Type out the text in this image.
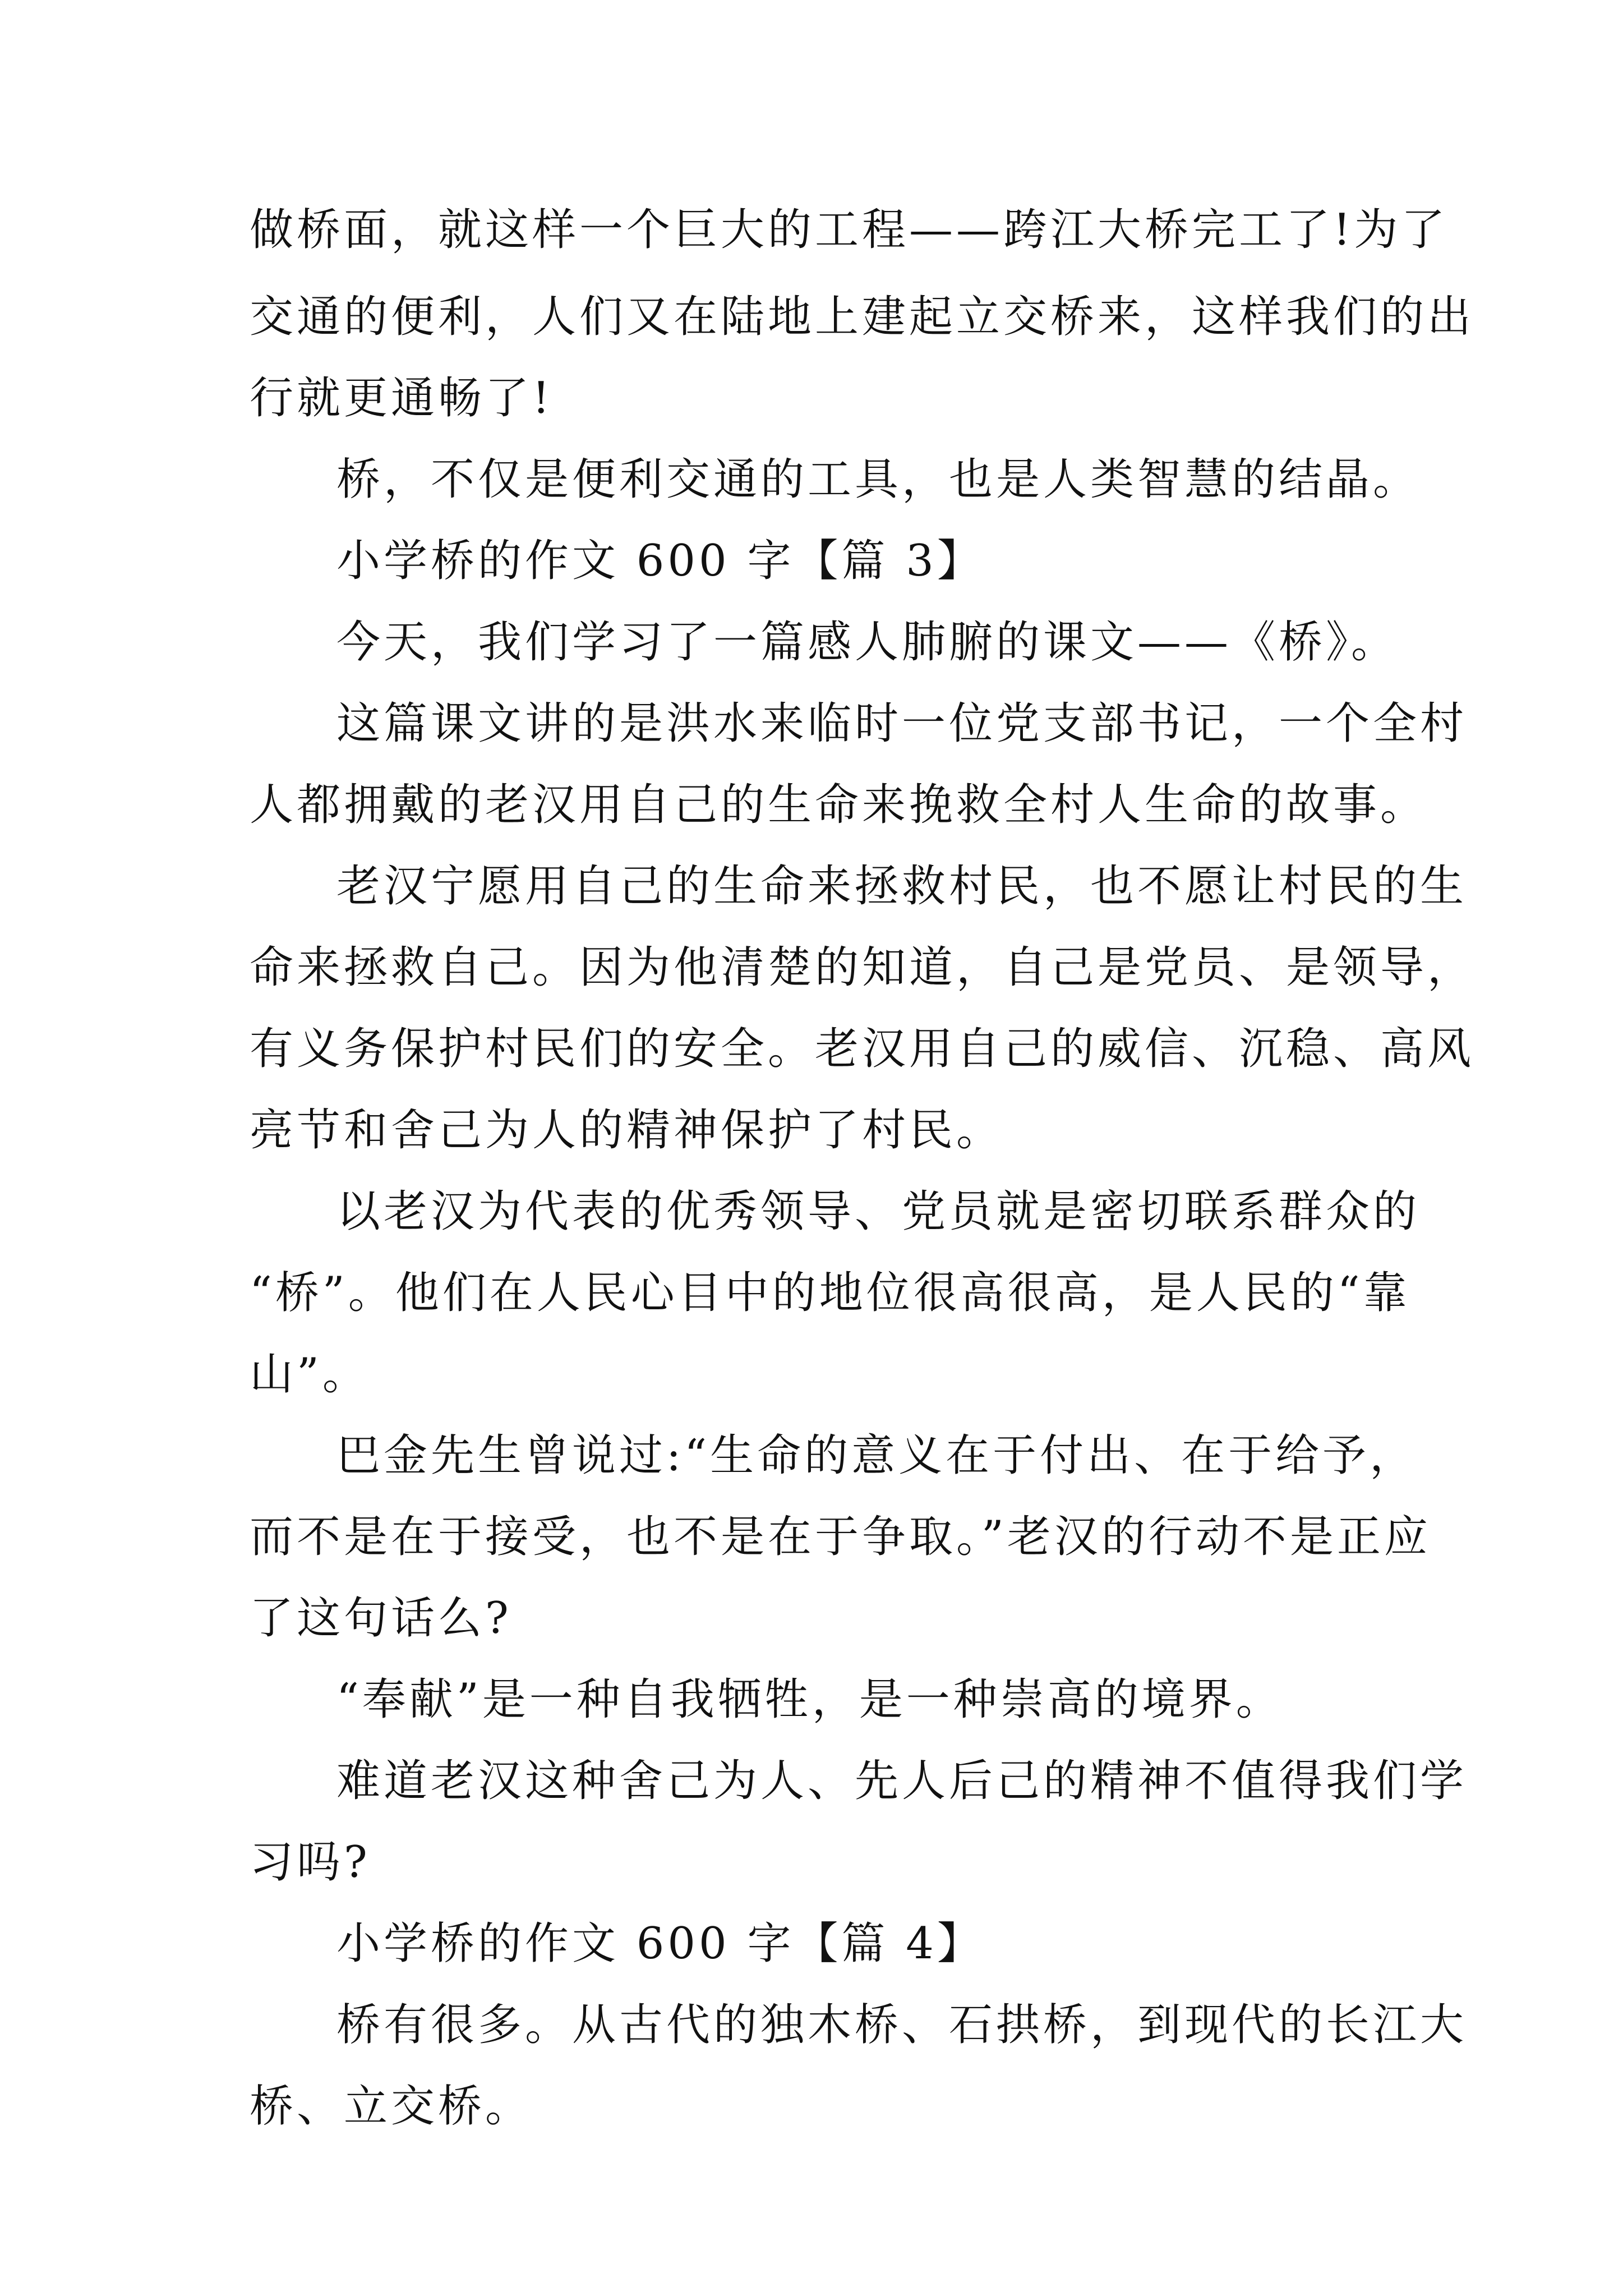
做桥面，就这样一个巨大的工程——跨江大桥完工了!为了
交通的便利，人们又在陆地上建起立交桥来，这样我们的出
行就更通畅了!
桥，不仅是便利交通的工具，也是人类智慧的结晶。
小学桥的作文 600 字【篇 3】
今天，我们学习了一篇感人肺腑的课文——《桥》。
这篇课文讲的是洪水来临时一位党支部书记，一个全村
人都拥戴的老汉用自己的生命来挽救全村人生命的故事。
老汉宁愿用自己的生命来拯救村民，也不愿让村民的生
命来拯救自己。因为他清楚的知道，自己是党员、是领导，
有义务保护村民们的安全。老汉用自己的威信、沉稳、高风
亮节和舍己为人的精神保护了村民。
以老汉为代表的优秀领导、党员就是密切联系群众的
“桥”。他们在人民心目中的地位很高很高，是人民的“靠
山”。
巴金先生曾说过:“生命的意义在于付出、在于给予，
而不是在于接受，也不是在于争取。”老汉的行动不是正应
了这句话么?
“奉献”是一种自我牺牲，是一种崇高的境界。
难道老汉这种舍己为人、先人后己的精神不值得我们学
习吗?
小学桥的作文 600 字【篇 4】
桥有很多。从古代的独木桥、石拱桥，到现代的长江大
桥、立交桥。
